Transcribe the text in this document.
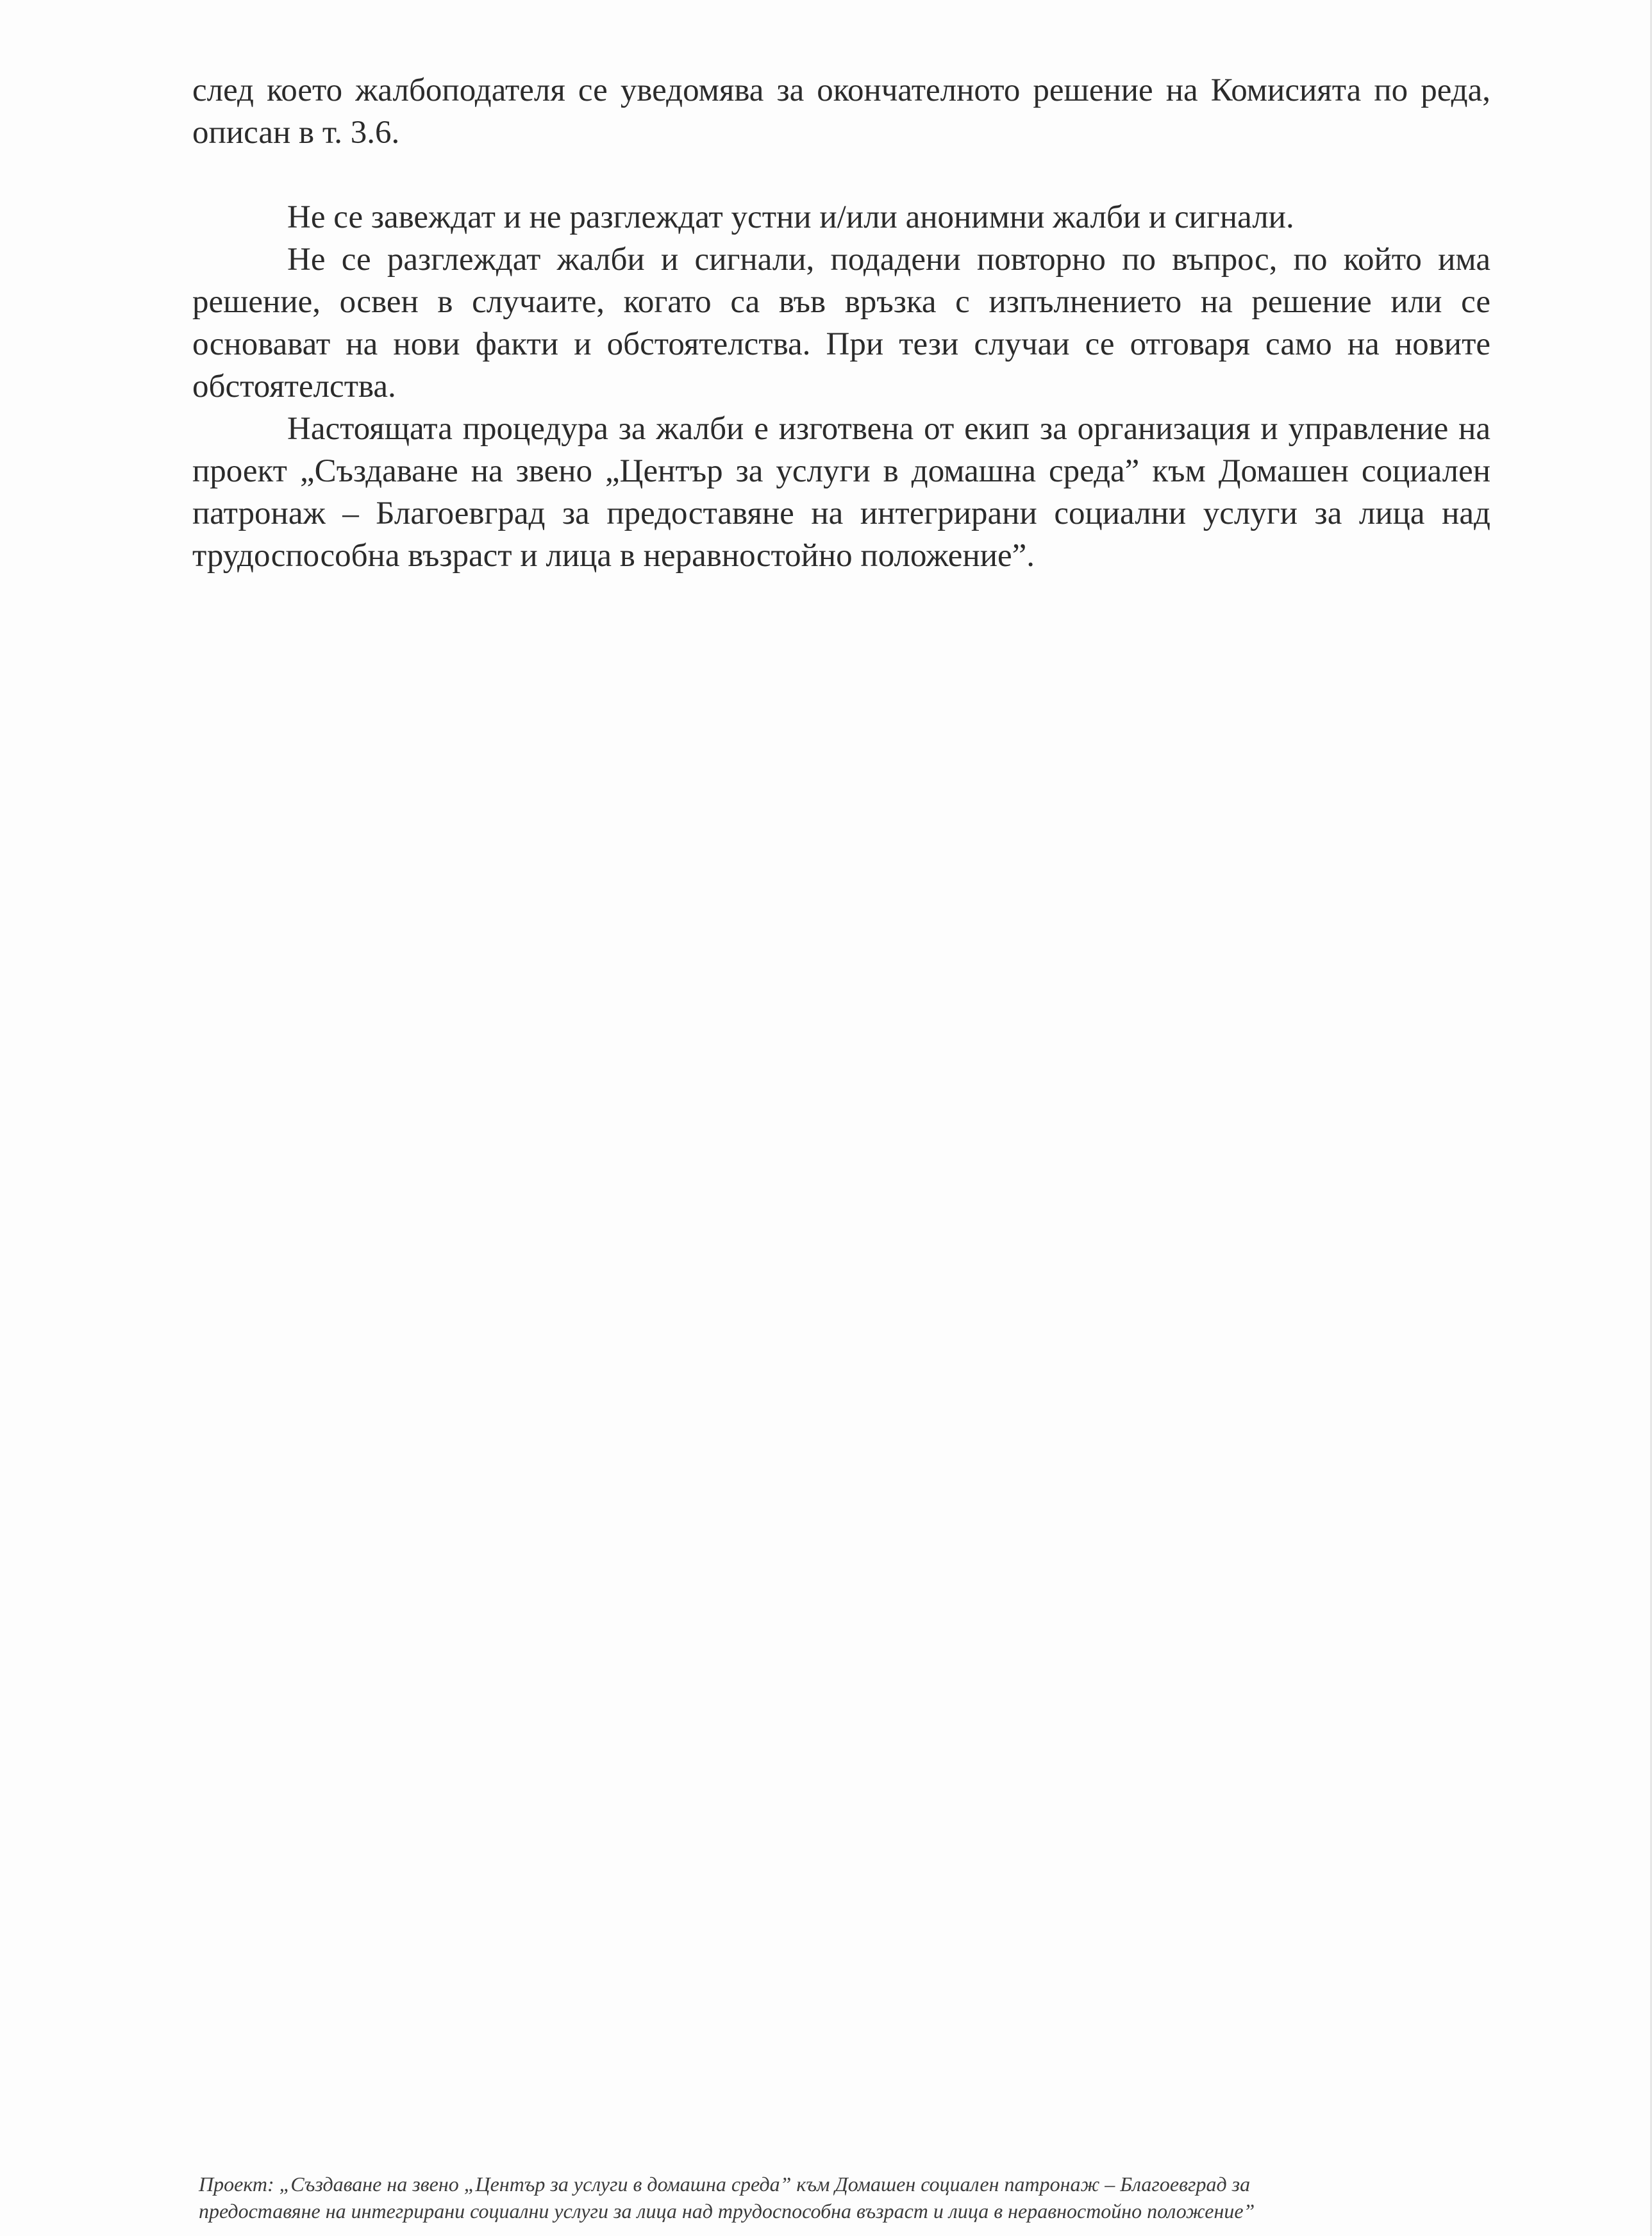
след което жалбоподателя се уведомява за окончателното решение на Комисията по реда, описан в т. 3.6.

Не се завеждат и не разглеждат устни и/или анонимни жалби и сигнали.

Не се разглеждат жалби и сигнали, подадени повторно по въпрос, по който има решение, освен в случаите, когато са във връзка с изпълнението на решение или се основават на нови факти и обстоятелства. При тези случаи се отговаря само на новите обстоятелства.

Настоящата процедура за жалби е изготвена от екип за организация и управление на проект „Създаване на звено „Център за услуги в домашна среда” към Домашен социален патронаж – Благоевград за предоставяне на интегрирани социални услуги за лица над трудоспособна възраст и лица в неравностойно положение”.

Проект: „Създаване на звено „Център за услуги в домашна среда” към Домашен социален патронаж – Благоевград за
предоставяне на интегрирани социални услуги за лица над трудоспособна възраст и лица в неравностойно положение”
